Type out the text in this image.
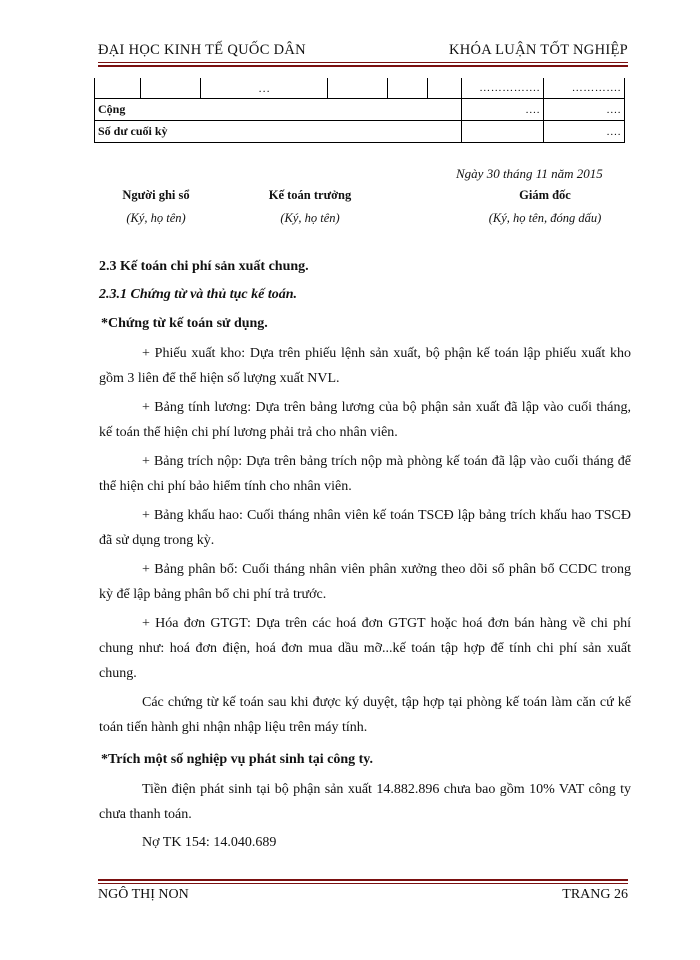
ĐẠI HỌC KINH TẾ QUỐC DÂN	KHÓA LUẬN TỐT NGHIỆP
		…				…………….	………….
Cộng						….	….
Số dư cuối kỳ							….
Ngày 30 tháng 11 năm 2015
Người ghi sổ
(Ký, họ tên)
Kế toán trưởng
(Ký, họ tên)
Giám đốc
(Ký, họ tên, đóng dấu)
2.3 Kế toán chi phí sản xuất chung.
2.3.1 Chứng từ và thủ tục kế toán.
*Chứng từ kế toán sử dụng.

+ Phiếu xuất kho: Dựa trên phiếu lệnh sản xuất, bộ phận kế toán lập phiếu xuất kho gồm 3 liên để thể hiện số lượng xuất NVL.

+ Bảng tính lương: Dựa trên bảng lương của bộ phận sản xuất đã lập vào cuối tháng, kế toán thể hiện chi phí lương phải trả cho nhân viên.

+ Bảng trích nộp: Dựa trên bảng trích nộp mà phòng kế toán đã lập vào cuối tháng để thể hiện chi phí bảo hiểm tính cho nhân viên.

+ Bảng khấu hao: Cuối tháng nhân viên kế toán TSCĐ lập bảng trích khấu hao TSCĐ đã sử dụng trong kỳ.

+ Bảng phân bổ: Cuối tháng nhân viên phân xưởng theo dõi sổ phân bổ CCDC trong kỳ để lập bảng phân bổ chi phí trả trước.

+ Hóa đơn GTGT: Dựa trên các hoá đơn GTGT hoặc hoá đơn bán hàng về chi phí chung như: hoá đơn điện, hoá đơn mua dầu mỡ...kế toán tập hợp để tính chi phí sản xuất chung.

Các chứng từ kế toán sau khi được ký duyệt, tập hợp tại phòng kế toán làm căn cứ kế toán tiến hành ghi nhận nhập liệu trên máy tính.

*Trích một số nghiệp vụ phát sinh tại công ty.

Tiền điện phát sinh tại bộ phận sản xuất 14.882.896 chưa bao gồm 10% VAT công ty chưa thanh toán.

Nợ TK 154: 14.040.689
NGÔ THỊ NON	TRANG 26
